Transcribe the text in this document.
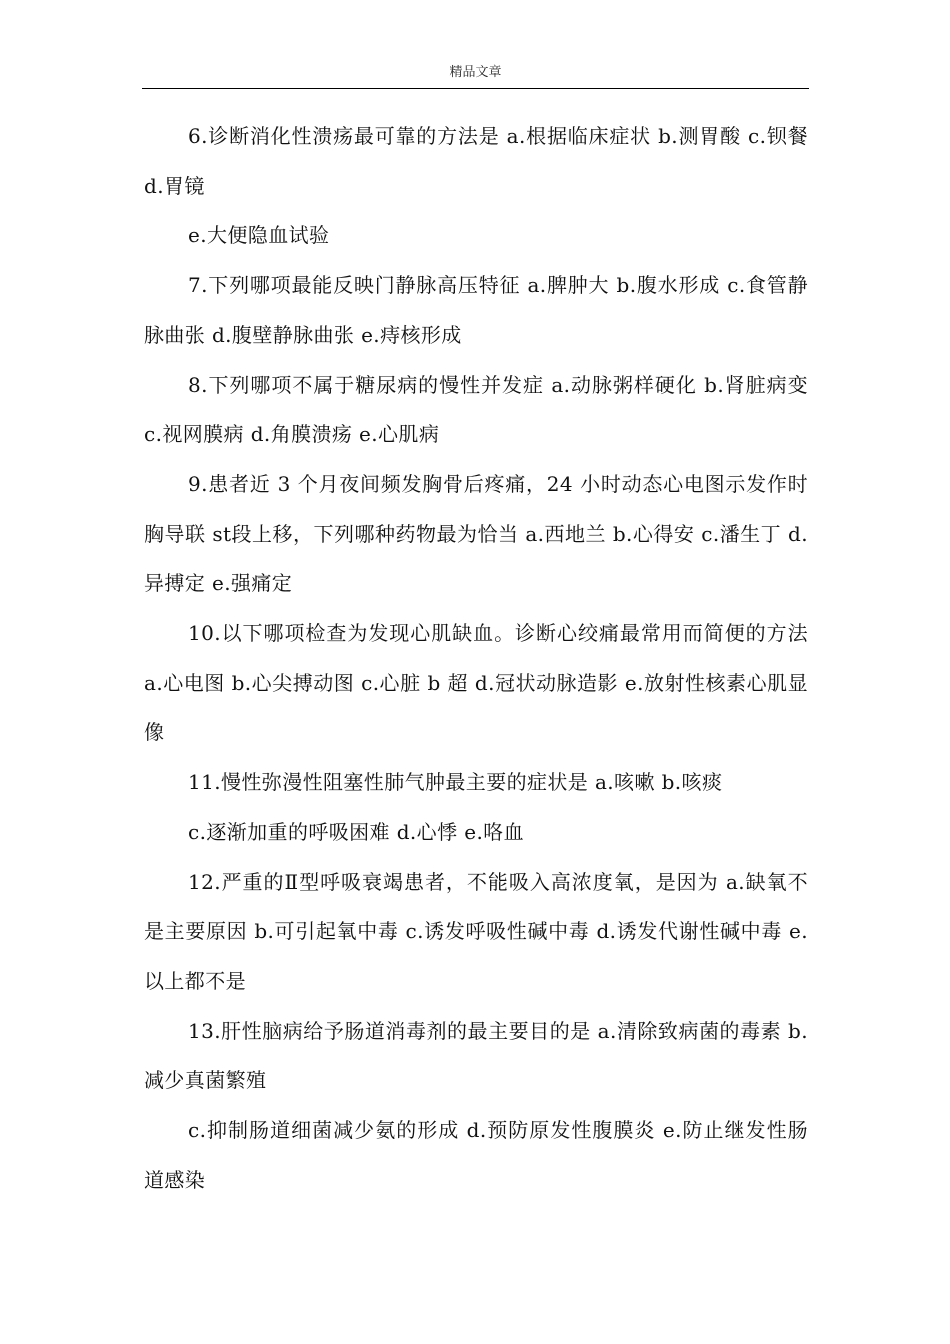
精品文章

6.诊断消化性溃疡最可靠的方法是 a.根据临床症状 b.测胃酸 c.钡餐 d.胃镜

e.大便隐血试验

7.下列哪项最能反映门静脉高压特征 a.脾肿大 b.腹水形成 c.食管静脉曲张 d.腹壁静脉曲张 e.痔核形成

8.下列哪项不属于糖尿病的慢性并发症 a.动脉粥样硬化 b.肾脏病变 c.视网膜病 d.角膜溃疡 e.心肌病

9.患者近 3 个月夜间频发胸骨后疼痛，24 小时动态心电图示发作时胸导联 st段上移，下列哪种药物最为恰当 a.西地兰 b.心得安 c.潘生丁 d.异搏定 e.强痛定

10.以下哪项检查为发现心肌缺血。诊断心绞痛最常用而简便的方法 a.心电图 b.心尖搏动图 c.心脏 b 超 d.冠状动脉造影 e.放射性核素心肌显像

11.慢性弥漫性阻塞性肺气肿最主要的症状是 a.咳嗽 b.咳痰

c.逐渐加重的呼吸困难 d.心悸 e.咯血

12.严重的Ⅱ型呼吸衰竭患者，不能吸入高浓度氧，是因为 a.缺氧不是主要原因 b.可引起氧中毒 c.诱发呼吸性碱中毒 d.诱发代谢性碱中毒 e.以上都不是

13.肝性脑病给予肠道消毒剂的最主要目的是 a.清除致病菌的毒素 b.减少真菌繁殖

c.抑制肠道细菌减少氨的形成 d.预防原发性腹膜炎 e.防止继发性肠道感染
